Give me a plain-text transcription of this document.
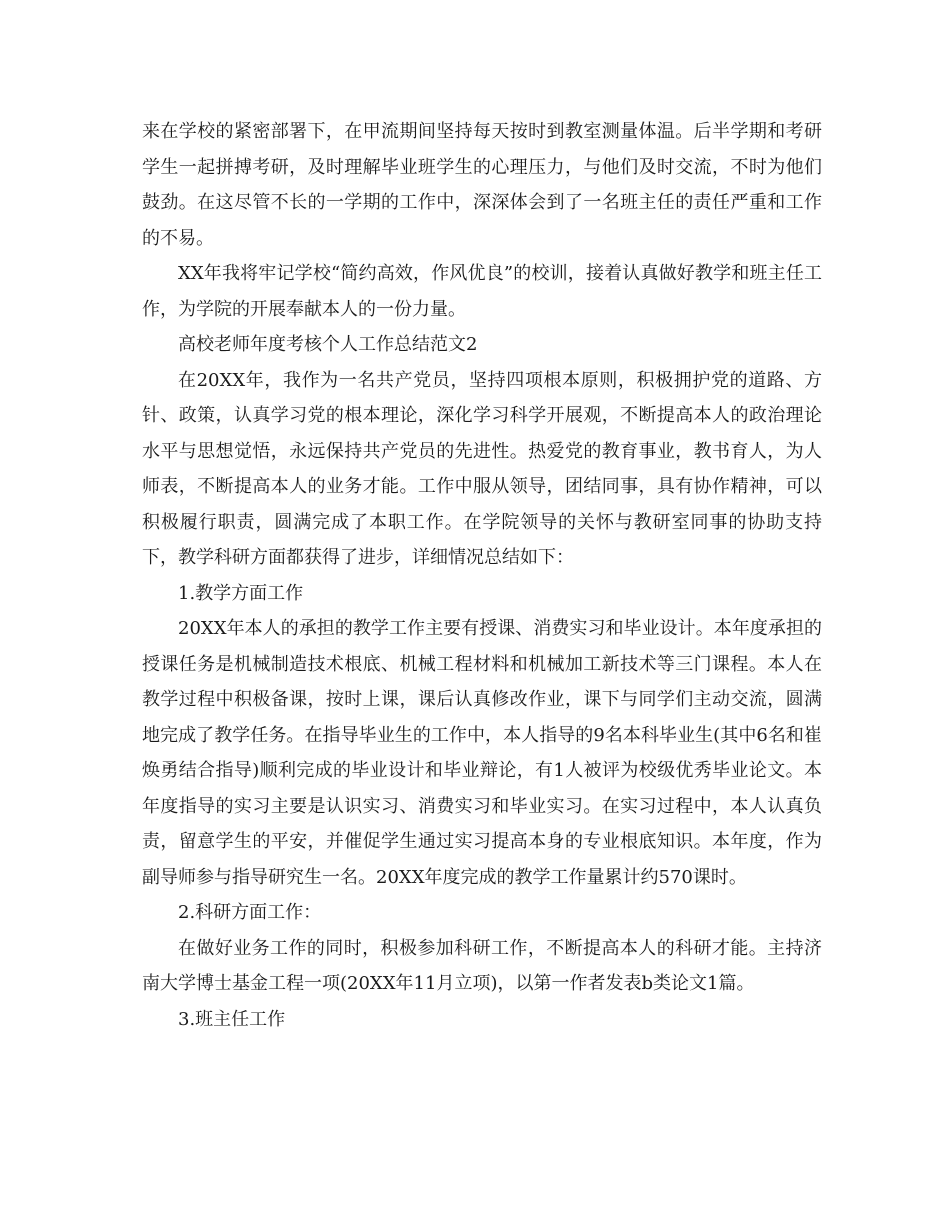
来在学校的紧密部署下，在甲流期间坚持每天按时到教室测量体温。后半学期和考研学生一起拼搏考研，及时理解毕业班学生的心理压力，与他们及时交流，不时为他们鼓劲。在这尽管不长的一学期的工作中，深深体会到了一名班主任的责任严重和工作的不易。

XX年我将牢记学校“简约高效，作风优良”的校训，接着认真做好教学和班主任工作，为学院的开展奉献本人的一份力量。

高校老师年度考核个人工作总结范文2

在20XX年，我作为一名共产党员，坚持四项根本原则，积极拥护党的道路、方针、政策，认真学习党的根本理论，深化学习科学开展观，不断提高本人的政治理论水平与思想觉悟，永远保持共产党员的先进性。热爱党的教育事业，教书育人，为人师表，不断提高本人的业务才能。工作中服从领导，团结同事，具有协作精神，可以积极履行职责，圆满完成了本职工作。在学院领导的关怀与教研室同事的协助支持下，教学科研方面都获得了进步，详细情况总结如下：

1.教学方面工作

20XX年本人的承担的教学工作主要有授课、消费实习和毕业设计。本年度承担的授课任务是机械制造技术根底、机械工程材料和机械加工新技术等三门课程。本人在教学过程中积极备课，按时上课，课后认真修改作业，课下与同学们主动交流，圆满地完成了教学任务。在指导毕业生的工作中，本人指导的9名本科毕业生(其中6名和崔焕勇结合指导)顺利完成的毕业设计和毕业辩论，有1人被评为校级优秀毕业论文。本年度指导的实习主要是认识实习、消费实习和毕业实习。在实习过程中，本人认真负责，留意学生的平安，并催促学生通过实习提高本身的专业根底知识。本年度，作为副导师参与指导研究生一名。20XX年度完成的教学工作量累计约570课时。

2.科研方面工作：

在做好业务工作的同时，积极参加科研工作，不断提高本人的科研才能。主持济南大学博士基金工程一项(20XX年11月立项)，以第一作者发表b类论文1篇。

3.班主任工作
